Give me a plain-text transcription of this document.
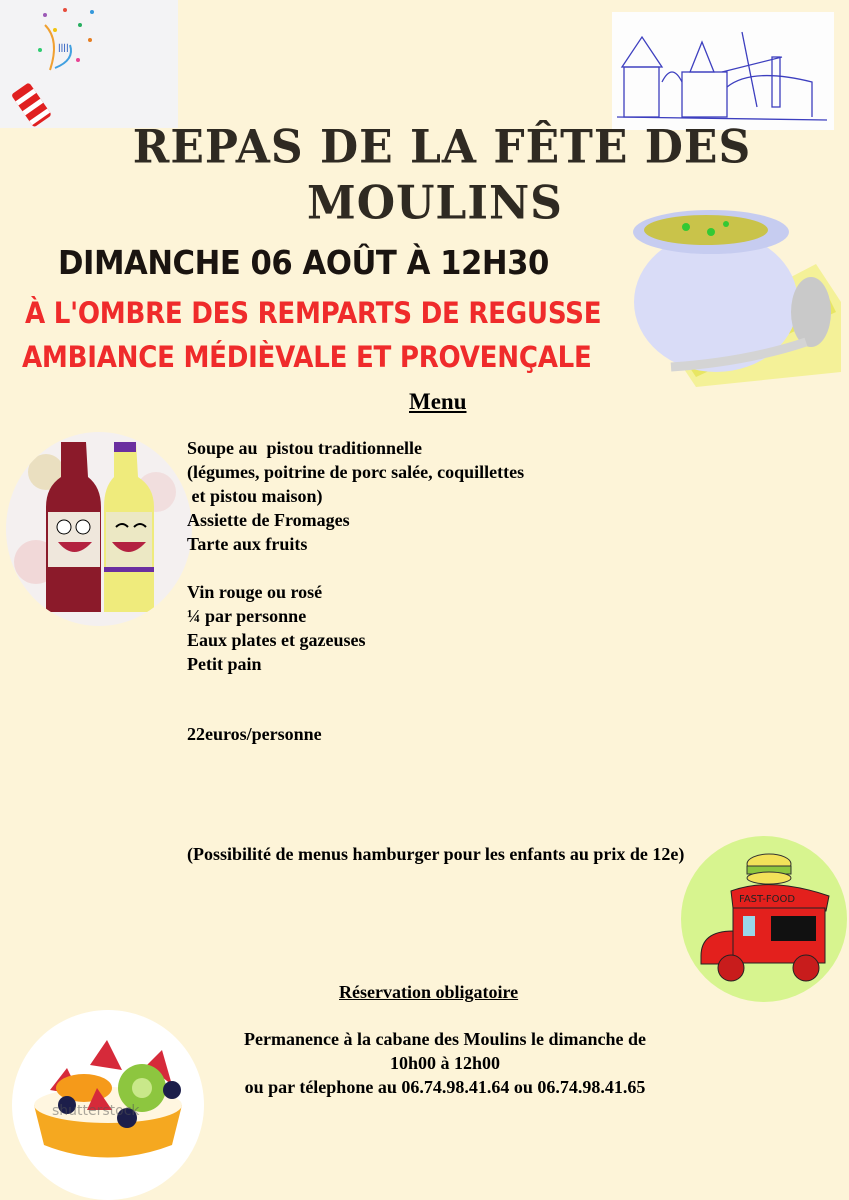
ꟾꟾꟾꟾ
REPAS DE LA FÊTE DES
MOULINS
DIMANCHE 06 AOÛT À 12H30
À L'OMBRE DES REMPARTS DE REGUSSE
AMBIANCE MÉDIÈVALE ET PROVENÇALE
Menu
Soupe au  pistou traditionnelle
(légumes, poitrine de porc salée, coquillettes
et pistou maison)
Assiette de Fromages
Tarte aux fruits
Vin rouge ou rosé
¼ par personne
Eaux plates et gazeuses
Petit pain
22euros/personne
(Possibilité de menus hamburger pour les enfants au prix de 12e)
FAST-FOOD
Réservation obligatoire
Permanence à la cabane des Moulins le dimanche de
10h00 à 12h00
ou par télephone au 06.74.98.41.64 ou 06.74.98.41.65
shutterstock
